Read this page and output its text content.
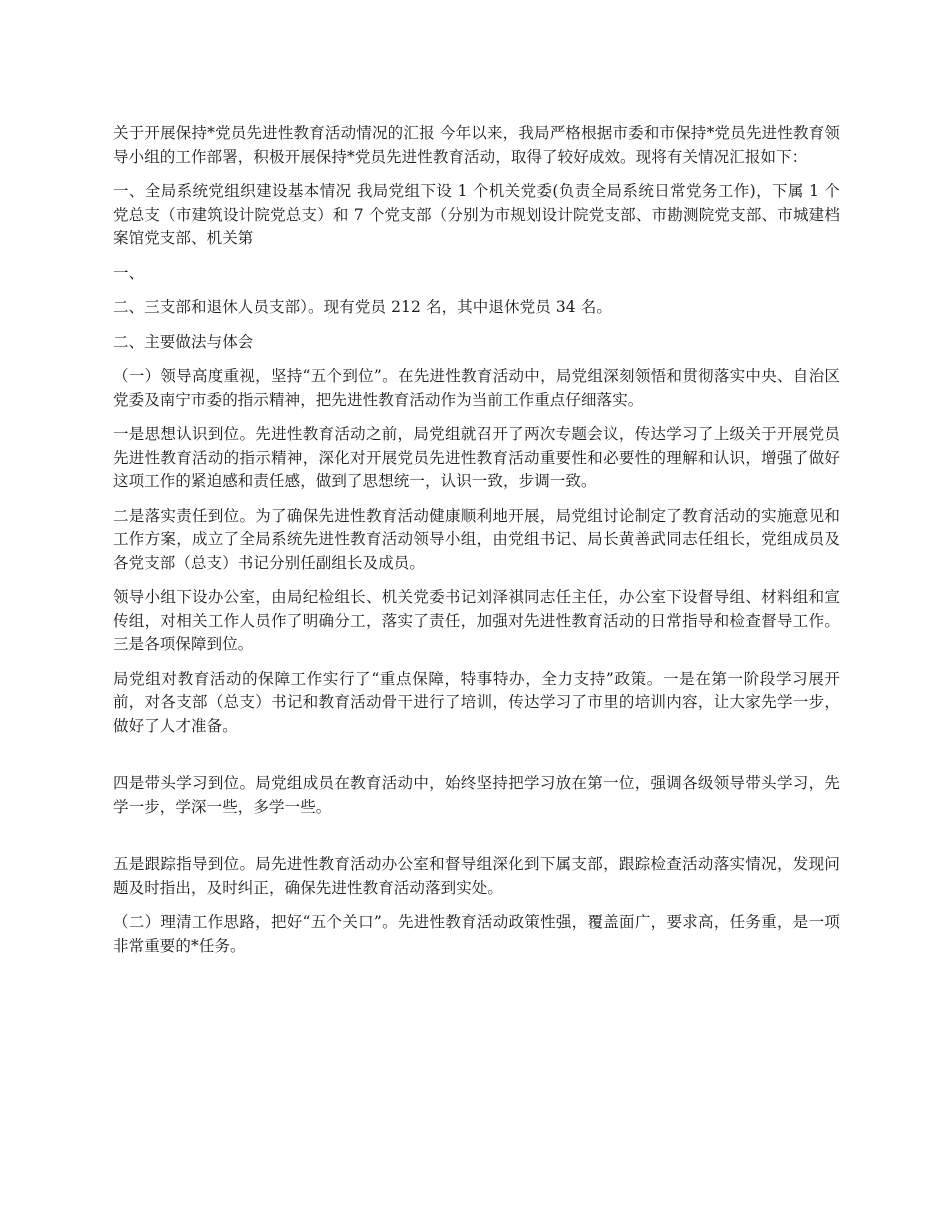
关于开展保持*党员先进性教育活动情况的汇报 今年以来，我局严格根据市委和市保持*党员先进性教育领导小组的工作部署，积极开展保持*党员先进性教育活动，取得了较好成效。现将有关情况汇报如下：

一、全局系统党组织建设基本情况 我局党组下设 1 个机关党委(负责全局系统日常党务工作)，下属 1 个党总支（市建筑设计院党总支）和 7 个党支部（分别为市规划设计院党支部、市勘测院党支部、市城建档案馆党支部、机关第

一、

二、三支部和退休人员支部）。现有党员 212 名，其中退休党员 34 名。

二、主要做法与体会

（一）领导高度重视，坚持“五个到位”。在先进性教育活动中，局党组深刻领悟和贯彻落实中央、自治区党委及南宁市委的指示精神，把先进性教育活动作为当前工作重点仔细落实。

一是思想认识到位。先进性教育活动之前，局党组就召开了两次专题会议，传达学习了上级关于开展党员先进性教育活动的指示精神，深化对开展党员先进性教育活动重要性和必要性的理解和认识，增强了做好这项工作的紧迫感和责任感，做到了思想统一，认识一致，步调一致。

二是落实责任到位。为了确保先进性教育活动健康顺利地开展，局党组讨论制定了教育活动的实施意见和工作方案，成立了全局系统先进性教育活动领导小组，由党组书记、局长黄善武同志任组长，党组成员及各党支部（总支）书记分别任副组长及成员。

领导小组下设办公室，由局纪检组长、机关党委书记刘泽祺同志任主任，办公室下设督导组、材料组和宣传组，对相关工作人员作了明确分工，落实了责任，加强对先进性教育活动的日常指导和检查督导工作。三是各项保障到位。

局党组对教育活动的保障工作实行了“重点保障，特事特办，全力支持”政策。一是在第一阶段学习展开前，对各支部（总支）书记和教育活动骨干进行了培训，传达学习了市里的培训内容，让大家先学一步，做好了人才准备。

四是带头学习到位。局党组成员在教育活动中，始终坚持把学习放在第一位，强调各级领导带头学习，先学一步，学深一些，多学一些。

五是跟踪指导到位。局先进性教育活动办公室和督导组深化到下属支部，跟踪检查活动落实情况，发现问题及时指出，及时纠正，确保先进性教育活动落到实处。

（二）理清工作思路，把好“五个关口”。先进性教育活动政策性强，覆盖面广，要求高，任务重，是一项非常重要的*任务。
